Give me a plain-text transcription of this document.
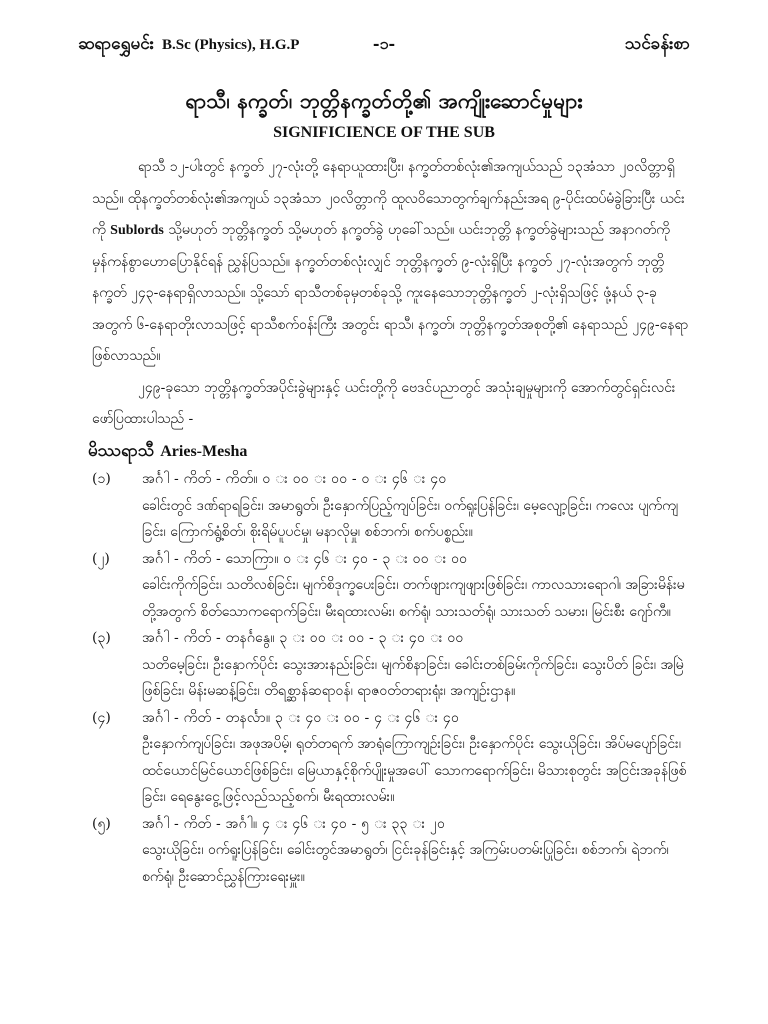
ဆရာရွှေမင်း B.Sc (Physics), H.G.P	-၁-	သင်ခန်းစာ
ရာသီ၊ နက္ခတ်၊ ဘုတ္တိနက္ခတ်တို့၏ အကျိုးဆောင်မှုများ
SIGNIFICIENCE OF THE SUB

ရာသီ ၁၂-ပါးတွင် နက္ခတ် ၂၇-လုံးတို့ နေရာယူထားပြီး၊ နက္ခတ်တစ်လုံး၏အကျယ်သည် ၁၃အံသာ ၂၀လိတ္တာရှိသည်။ ထိုနက္ခတ်တစ်လုံး၏အကျယ် ၁၃အံသာ ၂၀လိတ္တာကို ထူလဝိသောတွက်ချက်နည်းအရ ၉-ပိုင်းထပ်မံခွဲခြားပြီး ယင်းကို Sublords သို့မဟုတ် ဘုတ္တိနက္ခတ် သို့မဟုတ် နက္ခတ်ခွဲ ဟုခေါ်သည်။ ယင်းဘုတ္တိ နက္ခတ်ခွဲများသည် အနာဂတ်ကို မှန်ကန်စွာဟောပြောနိုင်ရန် ညွှန်ပြသည်။ နက္ခတ်တစ်လုံးလျှင် ဘုတ္တိနက္ခတ် ၉-လုံးရှိပြီး နက္ခတ် ၂၇-လုံးအတွက် ဘုတ္တိနက္ခတ် ၂၄၃-နေရာရှိလာသည်။ သို့သော် ရာသီတစ်ခုမှတစ်ခုသို့ ကူးနေသောဘုတ္တိနက္ခတ် ၂-လုံးရှိသဖြင့် ဖုံ့နယ် ၃-ခုအတွက် ၆-နေရာတိုးလာသဖြင့် ရာသီစက်ဝန်းကြီး အတွင်း ရာသီ၊ နက္ခတ်၊ ဘုတ္တိနက္ခတ်အစုတို့၏ နေရာသည် ၂၄၉-နေရာဖြစ်လာသည်။

၂၄၉-ခုသော ဘုတ္တိနက္ခတ်အပိုင်းခွဲများနှင့် ယင်းတို့ကို ဗေဒင်ပညာတွင် အသုံးချမှုများကို အောက်တွင်ရှင်းလင်း ဖော်ပြထားပါသည် -

မိဿရာသီ Aries-Mesha
(၁)	အင်္ဂါ - ကိတ် - ကိတ်။ ၀ း ၀၀ း ၀၀ - ၀ း ၄၆ း ၄၀
ခေါင်းတွင် ဒဏ်ရာရခြင်း၊ အမာရွတ်၊ ဦးနှောက်ပြည့်ကျပ်ခြင်း၊ ဝက်ရူးပြန်ခြင်း၊ မေ့လျော့ခြင်း၊ ကလေး ပျက်ကျခြင်း၊ ကြောက်ရွံ့စိတ်၊ စိုးရိမ်ပူပင်မှု၊ မနာလိုမှု၊ စစ်ဘက်၊ စက်ပစ္စည်း။
(၂)	အင်္ဂါ - ကိတ် - သောကြာ။ ၀ း ၄၆ း ၄၀ - ၃ း ၀၀ း ၀၀
ခေါင်းကိုက်ခြင်း၊ သတိလစ်ခြင်း၊ မျက်စိဒုက္ခပေးခြင်း၊ တက်ဖျားကျဖျားဖြစ်ခြင်း၊ ကာလသားရောဂါ၊ အခြားမိန်းမတို့အတွက် စိတ်သောကရောက်ခြင်း၊ မီးရထားလမ်း၊ စက်ရုံ၊ သားသတ်ရုံ၊ သားသတ် သမား၊ မြင်းစီး ဂျော်ကီ။
(၃)	အင်္ဂါ - ကိတ် - တနင်္ဂနွေ။ ၃ း ၀၀ း ၀၀ - ၃ း ၄၀ း ၀၀
သတိမေ့ခြင်း၊ ဦးနှောက်ပိုင်း သွေးအားနည်းခြင်း၊ မျက်စိနာခြင်း၊ ခေါင်းတစ်ခြမ်းကိုက်ခြင်း၊ သွေးပိတ် ခြင်း၊ အမြဲဖြစ်ခြင်း၊ မိန်းမဆန့်ခြင်း၊ တိရစ္ဆာန်ဆရာဝန်၊ ရာဇဝတ်တရားရုံး၊ အကျဉ်းဌာန။
(၄)	အင်္ဂါ - ကိတ် - တနင်္လာ။ ၃ း ၄၀ း ၀၀ - ၄ း ၄၆ း ၄၀
ဦးနှောက်ကျပ်ခြင်း၊ အဖုအပိမ့်၊ ရုတ်တရက် အာရုံကြောကျဉ်းခြင်း၊ ဦးနှောက်ပိုင်း သွေးယိုခြင်း၊ အိပ်မပျော်ခြင်း၊ ထင်ယောင်မြင်ယောင်ဖြစ်ခြင်း၊ မြေယာနှင့်စိုက်ပျိုးမှုအပေါ် သောကရောက်ခြင်း၊ မိသားစုတွင်း အငြင်းအခုန်ဖြစ်ခြင်း၊ ရေနွေးငွေ့ဖြင့်လည်သည့်စက်၊ မီးရထားလမ်း။
(၅)	အင်္ဂါ - ကိတ် - အင်္ဂါ။ ၄ း ၄၆ း ၄၀ - ၅ း ၃၃ း ၂၀
သွေးယိုခြင်း၊ ဝက်ရူးပြန်ခြင်း၊ ခေါင်းတွင်အမာရွတ်၊ ငြင်းခုန်ခြင်းနှင့် အကြမ်းပတမ်းပြုခြင်း၊ စစ်ဘက်၊ ရဲဘက်၊ စက်ရုံ၊ ဦးဆောင်ညွှန်ကြားရေးမှူး။
